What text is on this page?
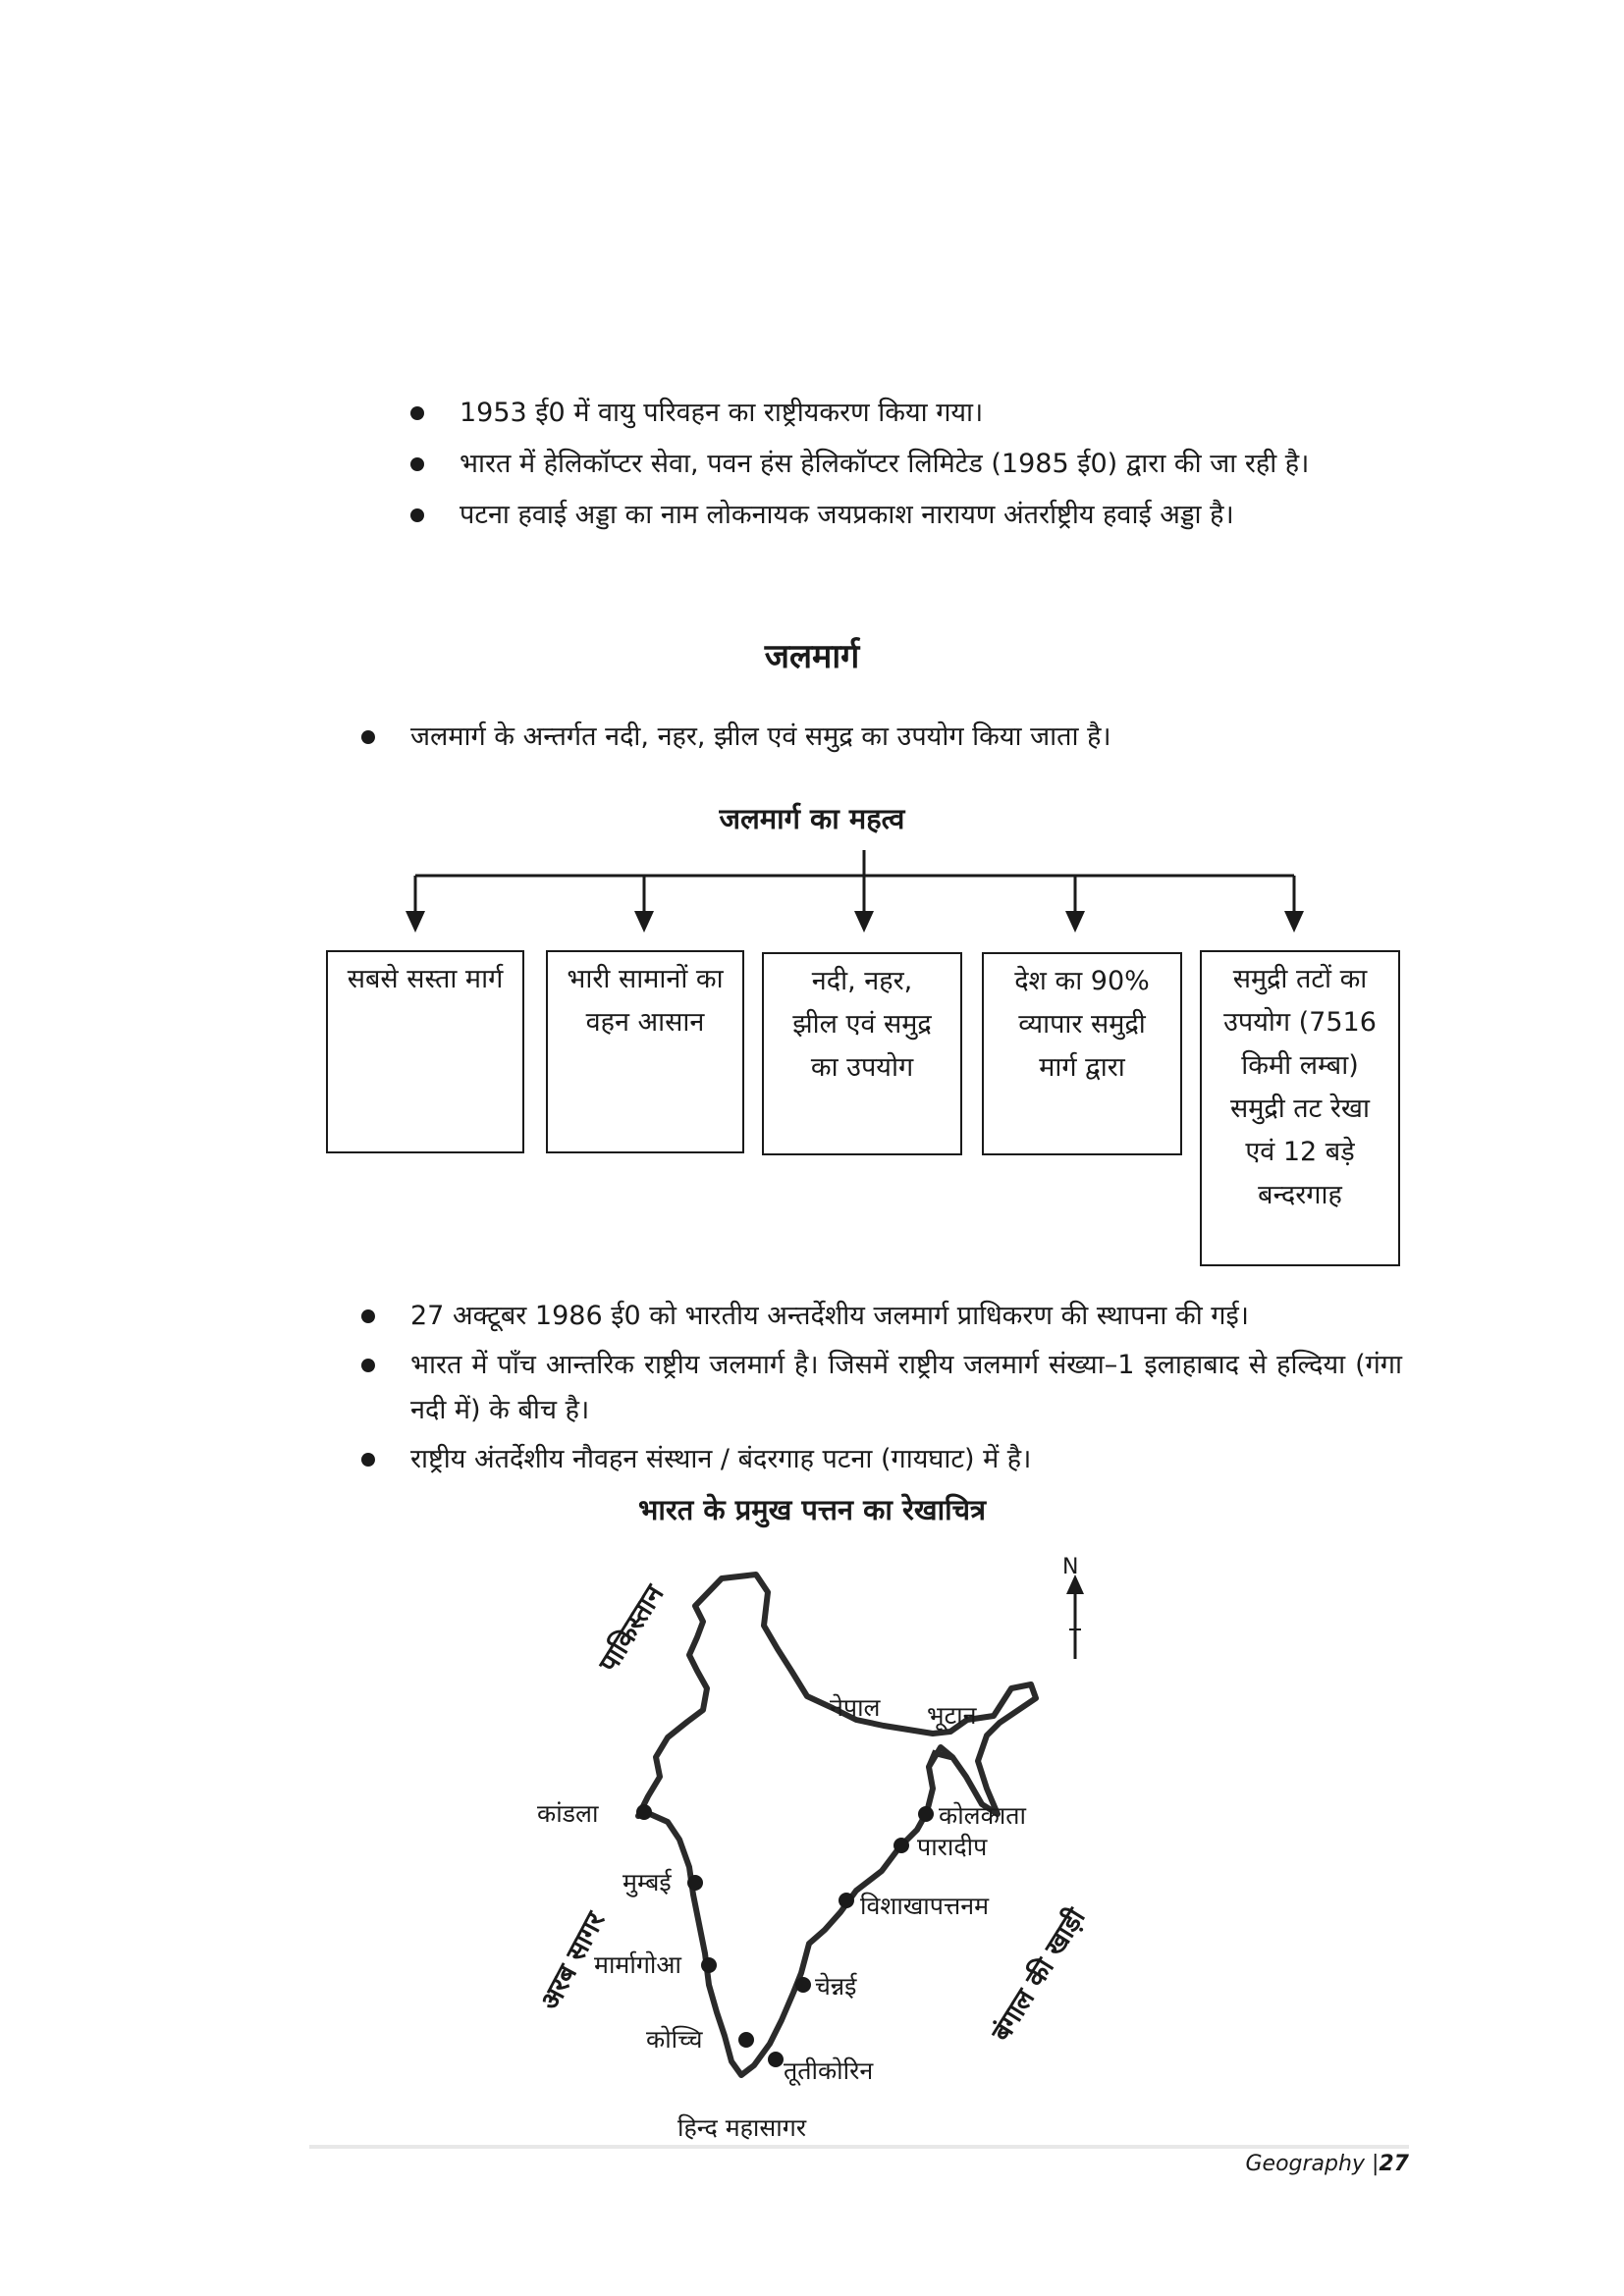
1953 ई0 में वायु परिवहन का राष्ट्रीयकरण किया गया।
भारत में हेलिकॉप्टर सेवा, पवन हंस हेलिकॉप्टर लिमिटेड (1985 ई0) द्वारा की जा रही है।
पटना हवाई अड्डा का नाम लोकनायक जयप्रकाश नारायण अंतर्राष्ट्रीय हवाई अड्डा है।
जलमार्ग
जलमार्ग के अन्तर्गत नदी, नहर, झील एवं समुद्र का उपयोग किया जाता है।
जलमार्ग का महत्व
सबसे सस्ता मार्ग	भारी सामानों का वहन आसान
नदी, नहर, झील एवं समुद्र का उपयोग
देश का 90% व्यापार समुद्री मार्ग द्वारा
समुद्री तटों का उपयोग (7516 किमी लम्बा) समुद्री तट रेखा एवं 12 बड़े बन्दरगाह
27 अक्टूबर 1986 ई0 को भारतीय अन्तर्देशीय जलमार्ग प्राधिकरण की स्थापना की गई।
भारत में पाँच आन्तरिक राष्ट्रीय जलमार्ग है। जिसमें राष्ट्रीय जलमार्ग संख्या–1 इलाहाबाद से हल्दिया (गंगा नदी में) के बीच है।
राष्ट्रीय अंतर्देशीय नौवहन संस्थान / बंदरगाह पटना (गायघाट) में है।
भारत के प्रमुख पत्तन का रेखाचित्र
N
पाकिस्तान
नेपाल भूटान
कांडला
मुम्बई
मार्मागोआ
कोच्चि
तूतीकोरिन
चेन्नई
विशाखापत्तनम
पारादीप
कोलकाता
अरब सागर	बंगाल की खाड़ी
हिन्द महासागर
Geography |27
